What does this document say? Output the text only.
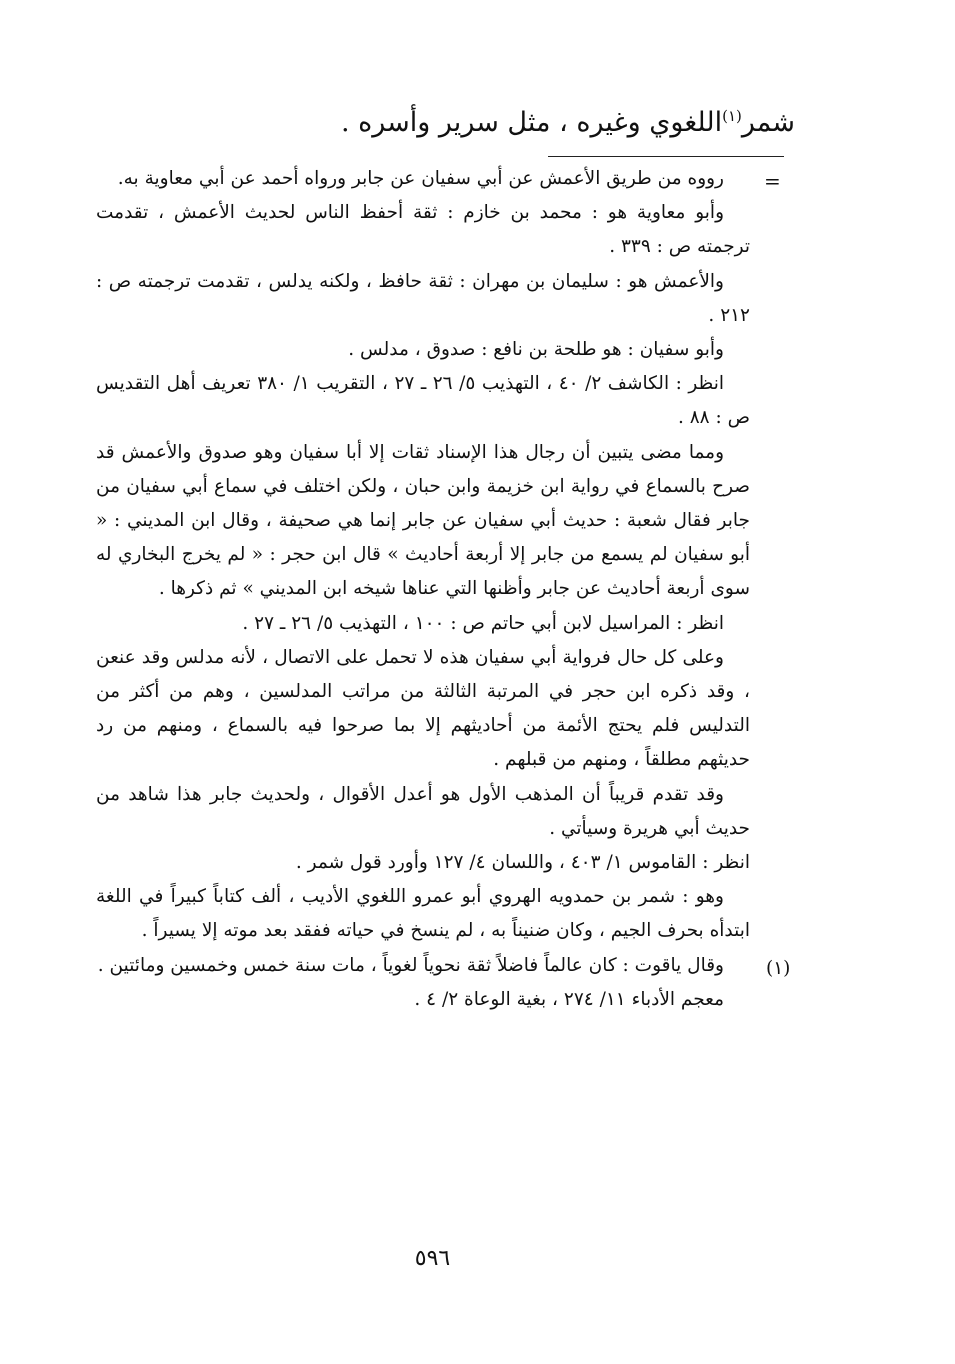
شمر$^{(١)}$اللغوي وغيره ، مثل سرير وأسره .
=

رووه من طريق الأعمش عن أبي سفيان عن جابر ورواه أحمد عن أبي معاوية به.

وأبو معاوية هو : محمد بن خازم : ثقة أحفظ الناس لحديث الأعمش ، تقدمت ترجمته ص : ٣٣٩ .

والأعمش هو : سليمان بن مهران : ثقة حافظ ، ولكنه يدلس ، تقدمت ترجمته ص : ٢١٢ .

وأبو سفيان : هو طلحة بن نافع : صدوق ، مدلس .

انظر : الكاشف ٢/ ٤٠ ، التهذيب ٥/ ٢٦ ـ ٢٧ ، التقريب ١/ ٣٨٠ تعريف أهل التقديس ص : ٨٨ .

ومما مضى يتبين أن رجال هذا الإسناد ثقات إلا أبا سفيان وهو صدوق والأعمش قد صرح بالسماع في رواية ابن خزيمة وابن حبان ، ولكن اختلف في سماع أبي سفيان من جابر فقال شعبة : حديث أبي سفيان عن جابر إنما هي صحيفة ، وقال ابن المديني : « أبو سفيان لم يسمع من جابر إلا أربعة أحاديث » قال ابن حجر : « لم يخرج البخاري له سوى أربعة أحاديث عن جابر وأظنها التي عناها شيخه ابن المديني » ثم ذكرها .

انظر : المراسيل لابن أبي حاتم ص : ١٠٠ ، التهذيب ٥/ ٢٦ ـ ٢٧ .

وعلى كل حال فرواية أبي سفيان هذه لا تحمل على الاتصال ، لأنه مدلس وقد عنعن ، وقد ذكره ابن حجر في المرتبة الثالثة من مراتب المدلسين ، وهم من أكثر من التدليس فلم يحتج الأئمة من أحاديثهم إلا بما صرحوا فيه بالسماع ، ومنهم من رد حديثهم مطلقاً ، ومنهم من قبلهم .

وقد تقدم قريباً أن المذهب الأول هو أعدل الأقوال ، ولحديث جابر هذا شاهد من حديث أبي هريرة وسيأتي .

انظر : القاموس ١/ ٤٠٣ ، واللسان ٤/ ١٢٧ وأورد قول شمر .

وهو : شمر بن حمدويه الهروي أبو عمرو اللغوي الأديب ، ألف كتاباً كبيراً في اللغة ابتدأه بحرف الجيم ، وكان ضنيناً به ، لم ينسخ في حياته ففقد بعد موته إلا يسيراً .

وقال ياقوت : كان عالماً فاضلاً ثقة نحوياً لغوياً ، مات سنة خمس وخمسين ومائتين .

معجم الأدباء ١١/ ٢٧٤ ، بغية الوعاة ٢/ ٤ .

(١)
٥٩٦
